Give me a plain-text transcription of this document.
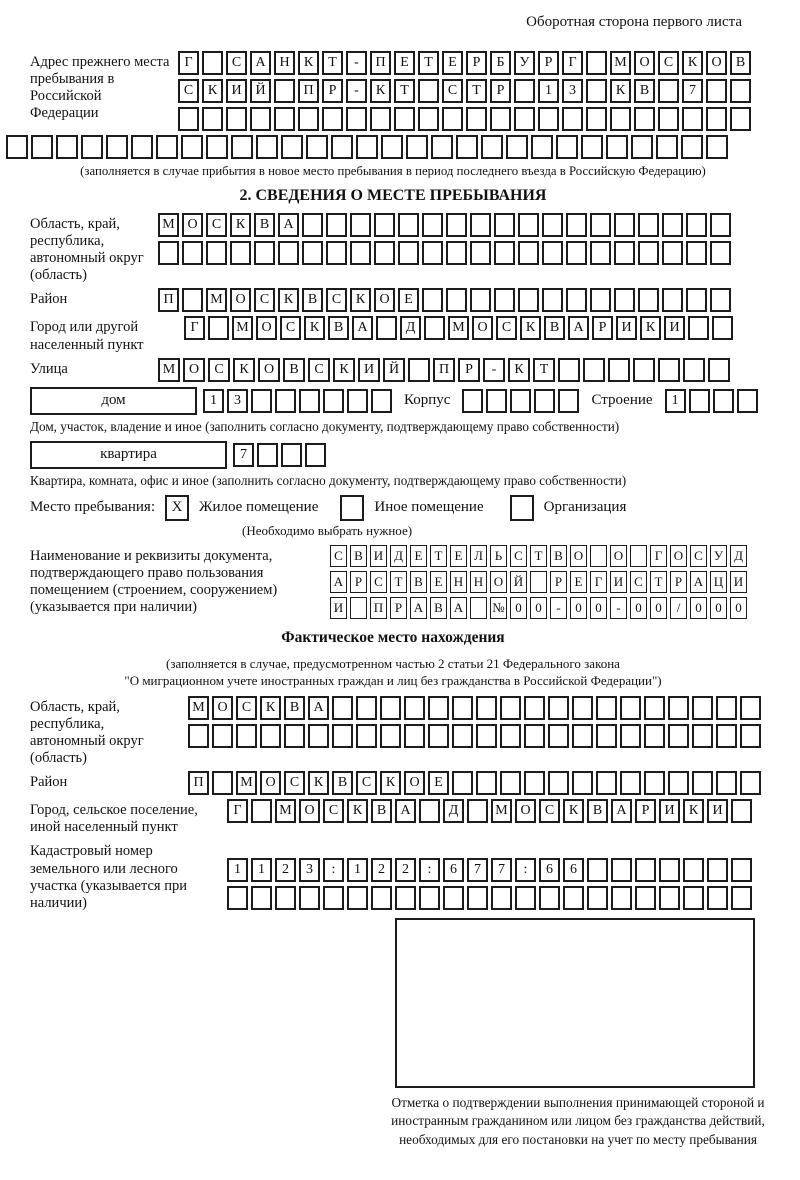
Оборотная сторона первого листа
Адрес прежнего места пребывания в Российской Федерации
Г	С	А Н	К	Т	-	П	Е	Т	Е	Р	Б	У	Р	Г	М О	С	К	О	В
С	К	И Й	П	Р	-	К	Т	С	Т	Р	1	3	К	В	7
(заполняется в случае прибытия в новое место пребывания в период последнего въезда в Российскую Федерацию)
2. СВЕДЕНИЯ О МЕСТЕ ПРЕБЫВАНИЯ
Область, край, республика, автономный округ (область)
М О	С	К	В	А
Район	П	М О	С	К	В	С	К	О	Е
Город или другой населенный пункт
Г	М О	С	К	В	А	Д	М О	С	К	В	А	Р	И	К	И
Улица	М О	С	К	О	В	С	К	И	Й	П	Р	-	К	Т
дом	1	3	Корпус	Строение	1
Дом, участок, владение и иное (заполнить согласно документу, подтверждающему право собственности)
квартира	7
Квартира, комната, офис и иное (заполнить согласно документу, подтверждающему право собственности)
Место пребывания:	X	Жилое помещение	Иное помещение	Организация
(Необходимо выбрать нужное)
Наименование и реквизиты документа, подтверждающего право пользования помещением (строением, сооружением) (указывается при наличии)
С В И Д Е Т Е Л Ь С Т В О О	Г О С У Д
А Р С Т В Е Н Н О Й	Р Е Г И С Т Р А Ц И
И П Р А В А № 0	0	-	0	0	-	0	0	/	0	0	0
Фактическое место нахождения
(заполняется в случае, предусмотренном частью 2 статьи 21 Федерального закона
"О миграционном учете иностранных граждан и лиц без гражданства в Российской Федерации")
Область, край, республика, автономный округ (область)
М О	С	К	В	А
Район	П	М О	С	К	В	С	К	О	Е
Город, сельское поселение, иной населенный пункт
Г	М О	С	К	В	А	Д	М О	С	К	В	А	Р	И	К	И
Кадастровый номер земельного или лесного участка (указывается при наличии)
1	1	2	3	:	1	2	2	:	6	7	7	:	6	6
Отметка о подтверждении выполнения принимающей стороной и иностранным гражданином или лицом без гражданства действий, необходимых для его постановки на учет по месту пребывания
